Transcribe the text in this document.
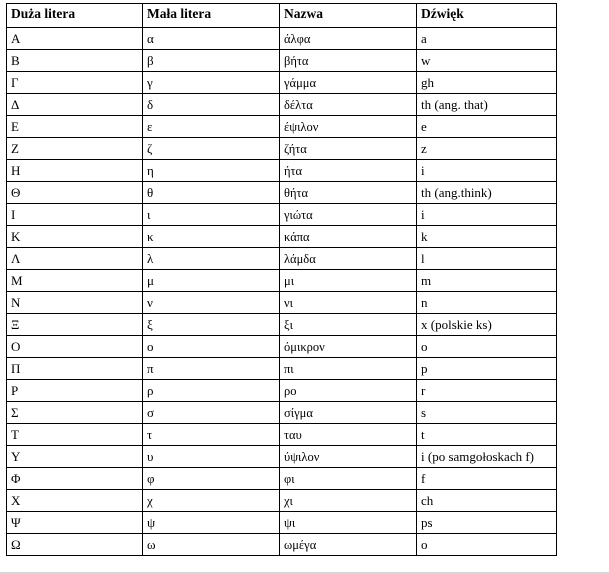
Duża litera	Mała litera	Nazwa	Dźwięk
Α	α	άλφα	a
Β	β	βήτα	w
Γ	γ	γάμμα	gh
Δ	δ	δέλτα	th (ang. that)
Ε	ε	έψιλον	e
Ζ	ζ	ζήτα	z
Η	η	ήτα	i
Θ	θ	θήτα	th (ang.think)
Ι	ι	γιώτα	i
Κ	κ	κάπα	k
Λ	λ	λάμδα	l
Μ	μ	μι	m
Ν	ν	νι	n
Ξ	ξ	ξι	x (polskie ks)
Ο	ο	όμικρον	o
Π	π	πι	p
Ρ	ρ	ρο	r
Σ	σ	σίγμα	s
Τ	τ	ταυ	t
Υ	υ	ύψιλον	i (po samgołoskach f)
Φ	φ	φι	f
Χ	χ	χι	ch
Ψ	ψ	ψι	ps
Ω	ω	ωμέγα	o
